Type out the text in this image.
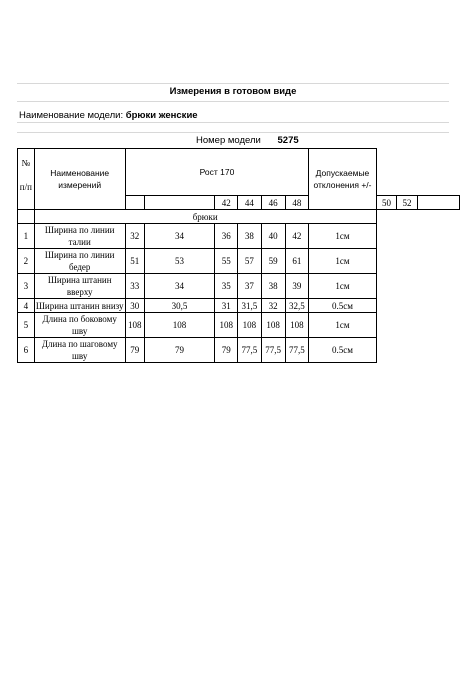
Измерения в готовом виде
Наименование модели: брюки женские
Номер модели 5275
№
п/п	Наименование измерений	Рост 170						Допускаемые отклонения +/-			
				42	44	46	48		50	52	
	брюки										
1	Ширина по линии талии	32	34	36	38	40	42	1см			
2	Ширина по линии бедер	51	53	55	57	59	61	1см			
3	Ширина штанин вверху	33	34	35	37	38	39	1см			
4	Ширина штанин внизу	30	30,5	31	31,5	32	32,5	0.5см			
5	Длина по боковому шву	108	108	108	108	108	108	1см			
6	Длина по шаговому шву	79	79	79	77,5	77,5	77,5	0.5см			
